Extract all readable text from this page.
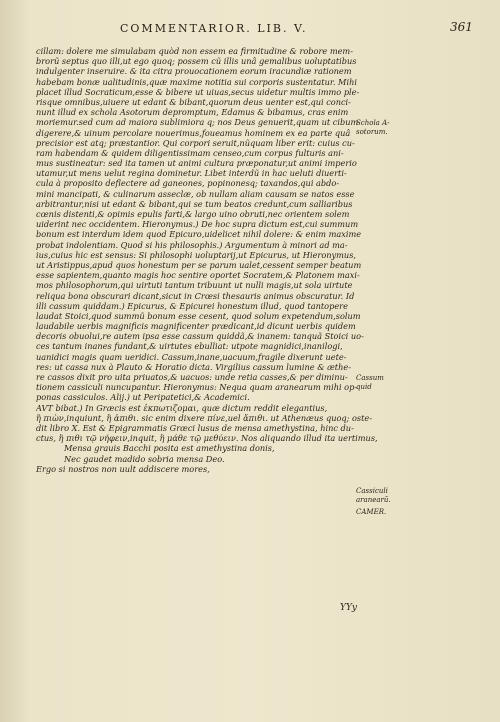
COMMENTARIOR. LIB. V.	361
cillam: dolere me simulabam quòd non essem ea firmitudine & robore mem-
brorũ septus quo illi,ut ego quoq; possem cũ illis unâ gemalibus uoluptatibus
indulgenter inseruire. & ita citra prouocationem eorum iracundiæ rationem
habebam bonæ ualitudinis,quæ maxime notitia sui corporis sustentatur. Mihi
placet illud Socraticum,esse & bibere ut uiuas,secus uidetur multis immo ple-
risque omnibus,uiuere ut edant & bibant,quorum deus uenter est,qui conci-
nunt illud ex schola Asotorum depromptum, Edamus & bibamus, cras enim
moriemur.sed cum ad maiora sublimiora q; nos Deus genuerit,quam ut cibum
digerere,& uinum percolare nouerimus,foueamus hominem ex ea parte quâ
precisior est atq; præstantior. Qui corpori seruit,nũquam liber erit: cuius cu-
ram habendam & quidem diligentissimam censeo,cum corpus fulturis ani-
mus sustineatur: sed ita tamen ut animi cultura præponatur,ut animi imperio
utamur,ut mens uelut regina dominetur. Libet interdũ in hac ueluti diuerti-
cula à proposito deflectere ad ganeones, popinonesq; taxandos,qui abdo-
mini mancipati, & culinarum asseclæ, ob nullam aliam causam se natos esse
arbitrantur,nisi ut edant & bibant,qui se tum beatos credunt,cum salliaribus
cœnis distenti,& opimis epulis farti,& largo uino obruti,nec orientem solem
uiderint nec occidentem. Hieronymus.) De hoc supra dictum est,cui summum
bonum est interdum idem quod Epicuro,uidelicet nihil dolere: & enim maxime
probat indolentiam. Quod si his philosophis.) Argumentum à minori ad ma-
ius,cuius hic est sensus: Si philosophi uoluptarij,ut Epicurus, ut Hieronymus,
ut Aristippus,apud quos honestum per se parum ualet,cessent semper beatum
esse sapientem,quanto magis hoc sentire oportet Socratem,& Platonem maxi-
mos philosophorum,qui uirtuti tantum tribuunt ut nulli magis,ut sola uirtute
reliqua bona obscurari dicant,sicut in Crœsi thesauris animus obscuratur. Id
illi cassum quiddam.) Epicurus, & Epicurei honestum illud, quod tantopere
laudat Stoici,quod summũ bonum esse cesent, quod solum expetendum,solum
laudabile uerbis magnificis magnificenter prædicant,id dicunt uerbis quidem
decoris obuolui,re autem ipsa esse cassum quiddã,& inanem: tanquã Stoici uo-
ces tantum inanes fundant,& uirtutes ebulliat: utpote magnidici,inanilogi,
uanidici magis quam ueridici. Cassum,inane,uacuum,fragile dixerunt uete-
res: ut cassa nux à Plauto & Horatio dicta. Virgilius cassum lumine & æthe-
re cassos dixit pro uita priuatos,& uacuos: unde retia casses,& per diminu-
tionem cassiculi nuncupantur. Hieronymus: Nequa quam aranearum mihi op-
ponas cassiculos. Alij.) ut Peripatetici,& Academici.
AVT bibat.) In Græcis est ἐκπωτιζομαι, quæ dictum reddit elegantius,
ἢ πιὼν,inquiunt, ἢ ἀπιθι. sic enim dixere πίνε,uel ἄπιθι. ut Athenæus quoq; oste-
dit libro X. Est & Epigrammatis Græci lusus de mensa amethystina, hinc du-
ctus, ἢ πιθι τῷ νήφειν,inquit, ἢ μάθε τῷ μεθύειν. Nos aliquando illud ita uertimus,
Mensa grauis Bacchi posita est amethystina donis,
Nec gaudet madido sobria mensa Deo.
Ergo si nostros non uult addiscere mores,
Schola A-
sotorum.
Cassum
quid
Cassiculi
aranearũ.
CAMER.
YYy
